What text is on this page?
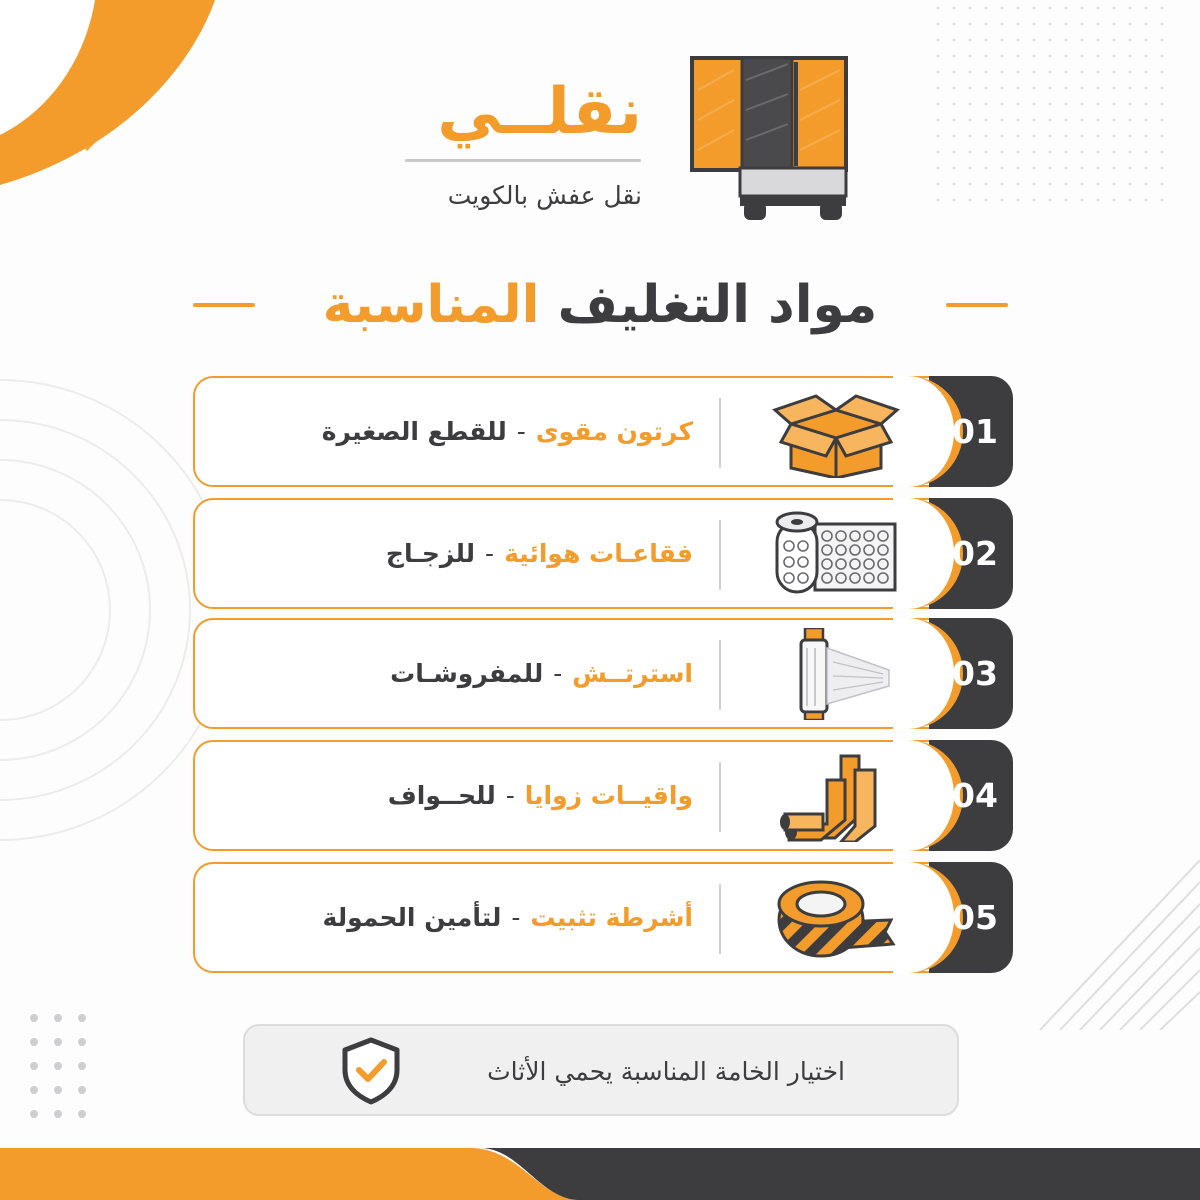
نقلــي
نقل عفش بالكويت
مواد التغليف المناسبة
01
كرتون مقوى-للقطع الصغيرة
02
فقاعـات هوائية-للزجـاج
03
استرتــش-للمفروشـات
04
واقيــات زوايا-للحــواف
05
أشرطة تثبيت-لتأمين الحمولة
اختيار الخامة المناسبة يحمي الأثاث
